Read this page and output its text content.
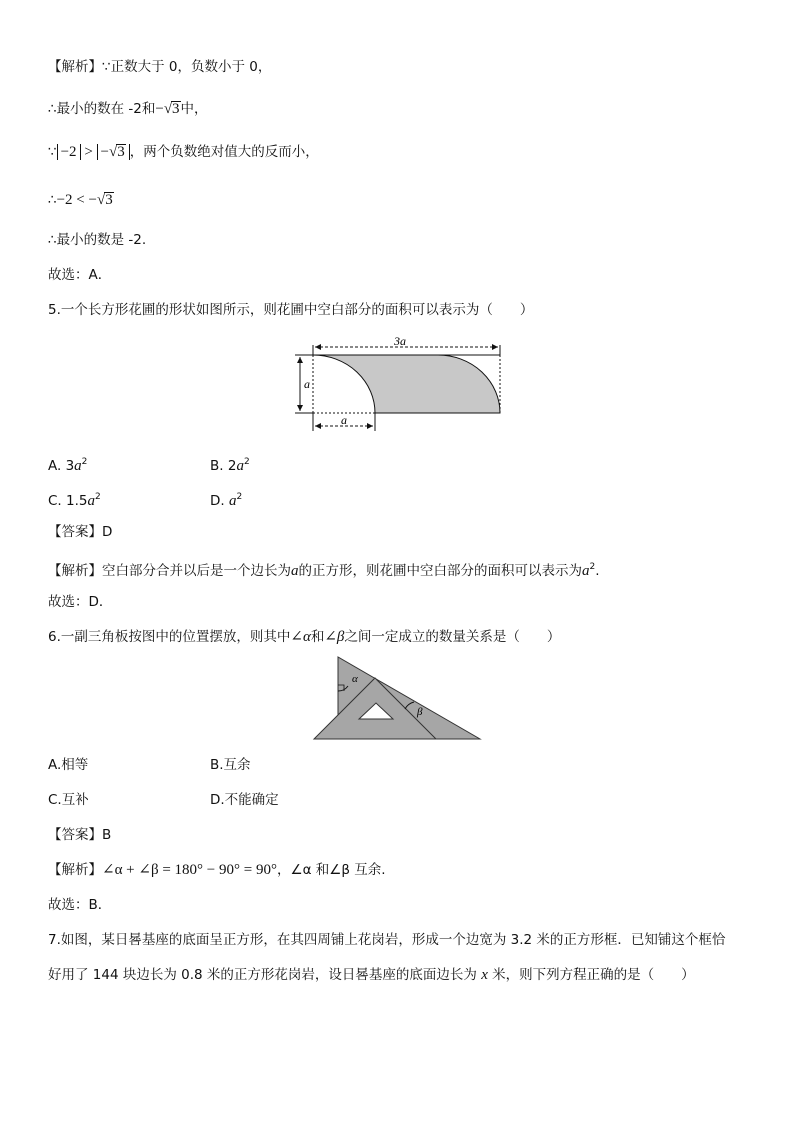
【解析】∵正数大于 0，负数小于 0，
∴最小的数在 -2和−√3中，
∵ −2 > −√3 ，两个负数绝对值大的反而小，
∴−2 < −√3
∴最小的数是 -2.
故选：A．
5.一个长方形花圃的形状如图所示，则花圃中空白部分的面积可以表示为（　　）
3a
a
a
A. $3a^2$	B. $2a^2$
C. $1.5a^2$	D. $a^2$
【答案】D
【解析】空白部分合并以后是一个边长为a的正方形，则花圃中空白部分的面积可以表示为$a^2$.
故选：D．
6.一副三角板按图中的位置摆放，则其中∠α和∠β之间一定成立的数量关系是（　　）
α
β
A.相等	B.互余
C.互补	D.不能确定
【答案】B
【解析】∠α + ∠β = 180° − 90° = 90°，∠α 和∠β 互余.
故选：B．
7.如图，某日晷基座的底面呈正方形，在其四周铺上花岗岩，形成一个边宽为 3.2 米的正方形框．已知铺这个框恰
好用了 144 块边长为 0.8 米的正方形花岗岩，设日晷基座的底面边长为 x 米，则下列方程正确的是（　　）
